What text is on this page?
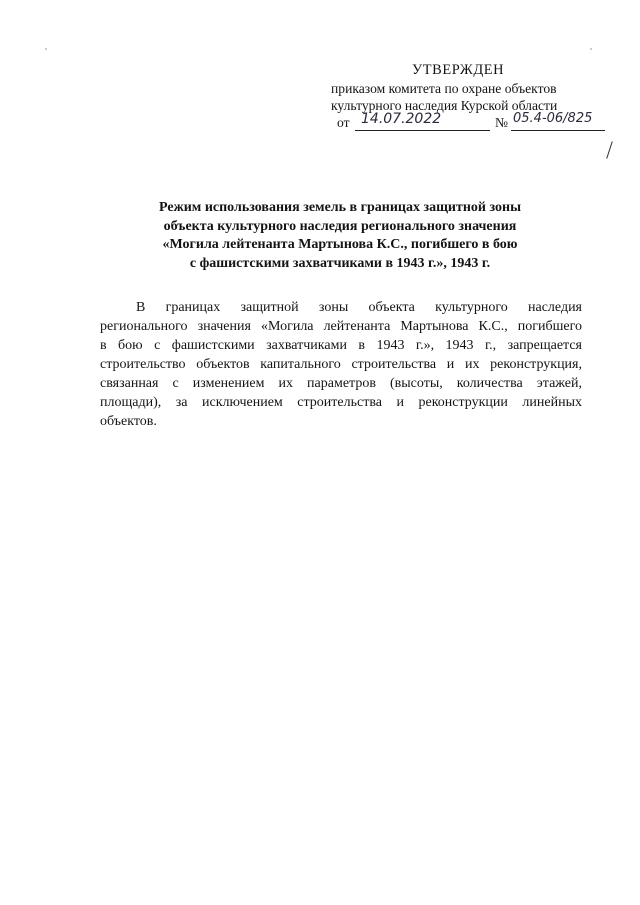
УТВЕРЖДЕН
приказом комитета по охране объектов
культурного наследия Курской области
от 14.07.2022	№ 05.4-06/825
Режим использования земель в границах защитной зоны
объекта культурного наследия регионального значения
«Могила лейтенанта Мартынова К.С., погибшего в бою
с фашистскими захватчиками в 1943 г.», 1943 г.
В границах защитной зоны объекта культурного наследия
регионального значения «Могила лейтенанта Мартынова К.С., погибшего
в бою с фашистскими захватчиками в 1943 г.», 1943 г., запрещается
строительство объектов капитального строительства и их реконструкция,
связанная с изменением их параметров (высоты, количества этажей,
площади), за исключением строительства и реконструкции линейных
объектов.
